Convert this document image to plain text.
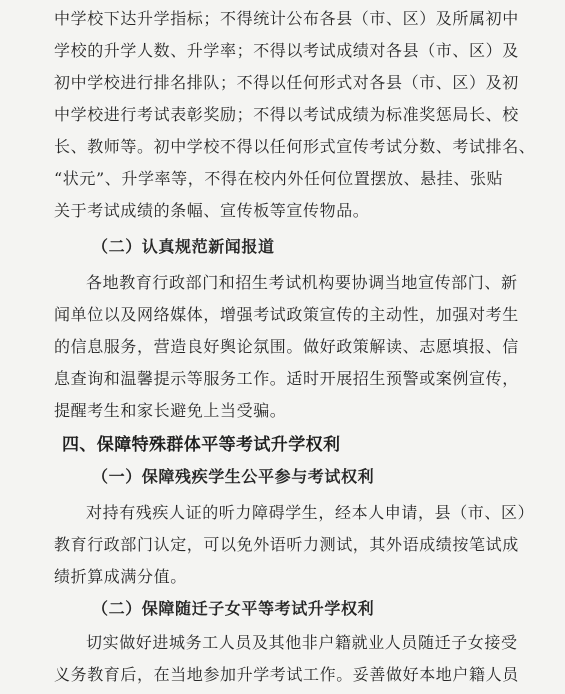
中学校下达升学指标；不得统计公布各县（市、区）及所属初中
学校的升学人数、升学率；不得以考试成绩对各县（市、区）及
初中学校进行排名排队；不得以任何形式对各县（市、区）及初
中学校进行考试表彰奖励；不得以考试成绩为标准奖惩局长、校
长、教师等。初中学校不得以任何形式宣传考试分数、考试排名、
“状元”、升学率等，不得在校内外任何位置摆放、悬挂、张贴
关于考试成绩的条幅、宣传板等宣传物品。
（二）认真规范新闻报道
各地教育行政部门和招生考试机构要协调当地宣传部门、新
闻单位以及网络媒体，增强考试政策宣传的主动性，加强对考生
的信息服务，营造良好舆论氛围。做好政策解读、志愿填报、信
息查询和温馨提示等服务工作。适时开展招生预警或案例宣传，
提醒考生和家长避免上当受骗。
四、保障特殊群体平等考试升学权利
（一）保障残疾学生公平参与考试权利
对持有残疾人证的听力障碍学生，经本人申请，县（市、区）
教育行政部门认定，可以免外语听力测试，其外语成绩按笔试成
绩折算成满分值。
（二）保障随迁子女平等考试升学权利
切实做好进城务工人员及其他非户籍就业人员随迁子女接受
义务教育后，在当地参加升学考试工作。妥善做好本地户籍人员
